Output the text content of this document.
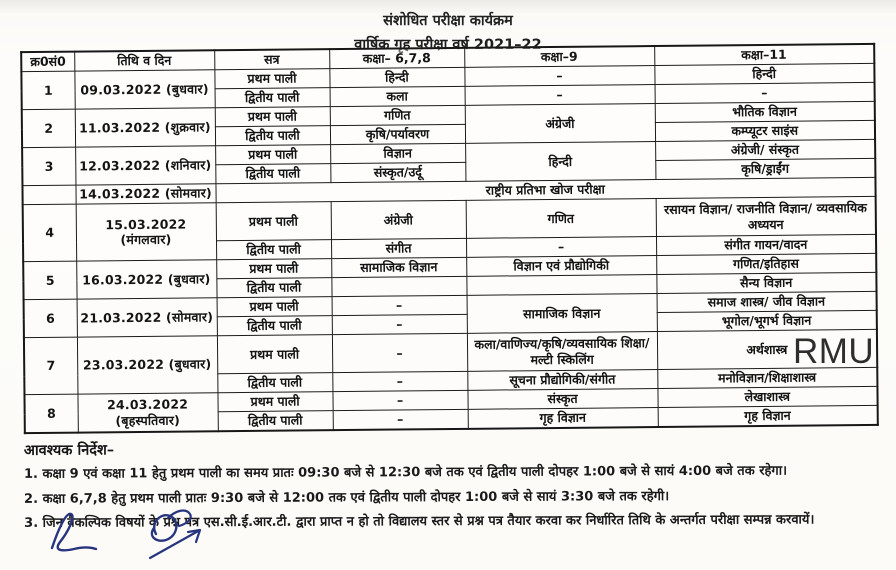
संशोधित परीक्षा कार्यक्रम
वार्षिक गृह परीक्षा वर्ष 2021–22
क्र0सं0	तिथि व दिन	सत्र	कक्षा– 6,7,8	कक्षा–9	कक्षा–11
1	09.03.2022 (बुधवार)	प्रथम पाली	हिन्दी	–	हिन्दी
		द्वितीय पाली	कला	–	–
2	11.03.2022 (शुक्रवार)	प्रथम पाली	गणित	अंग्रेजी	भौतिक विज्ञान
		द्वितीय पाली	कृषि/पर्यावरण		कम्प्यूटर साइंस
3	12.03.2022 (शनिवार)	प्रथम पाली	विज्ञान	हिन्दी	अंग्रेजी/ संस्कृत
		द्वितीय पाली	संस्कृत/उर्दू		कृषि/ड्राईंग
	14.03.2022 (सोमवार)	राष्ट्रीय प्रतिभा खोज परीक्षा			
4	15.03.2022 (मंगलवार)	प्रथम पाली	अंग्रेजी	गणित	रसायन विज्ञान/ राजनीति विज्ञान/ व्यवसायिक अध्ययन
		द्वितीय पाली	संगीत	–	संगीत गायन/वादन
5	16.03.2022 (बुधवार)	प्रथम पाली	सामाजिक विज्ञान	विज्ञान एवं प्रौद्योगिकी	गणित/इतिहास
		द्वितीय पाली			सैन्य विज्ञान
6	21.03.2022 (सोमवार)	प्रथम पाली	–	सामाजिक विज्ञान	समाज शास्त्र/ जीव विज्ञान
		द्वितीय पाली	–		भूगोल/भूगर्भ विज्ञान
7	23.03.2022 (बुधवार)	प्रथम पाली	–	कला/वाणिज्य/कृषि/व्यवसायिक शिक्षा/मल्टी स्किलिंग	अर्थशास्त्र
		द्वितीय पाली	–	सूचना प्रौद्योगिकी/संगीत	मनोविज्ञान/शिक्षाशास्त्र
8	24.03.2022 (बृहस्पतिवार)	प्रथम पाली	–	संस्कृत	लेखाशास्त्र
		द्वितीय पाली	–	गृह विज्ञान	गृह विज्ञान
RMU
आवश्यक निर्देश–
1. कक्षा 9 एवं कक्षा 11 हेतु प्रथम पाली का समय प्रातः 09:30 बजे से 12:30 बजे तक एवं द्वितीय पाली दोपहर 1:00 बजे से सायं 4:00 बजे तक रहेगा।
2. कक्षा 6,7,8 हेतु प्रथम पाली प्रातः 9:30 बजे से 12:00 तक एवं द्वितीय पाली दोपहर 1:00 बजे से सायं 3:30 बजे तक रहेगी।
3. जिन वैकल्पिक विषयों के प्रश्न पत्र एस.सी.ई.आर.टी. द्वारा प्राप्त न हो तो विद्यालय स्तर से प्रश्न पत्र तैयार करवा कर निर्धारित तिथि के अन्तर्गत परीक्षा सम्पन्न करवायें।
